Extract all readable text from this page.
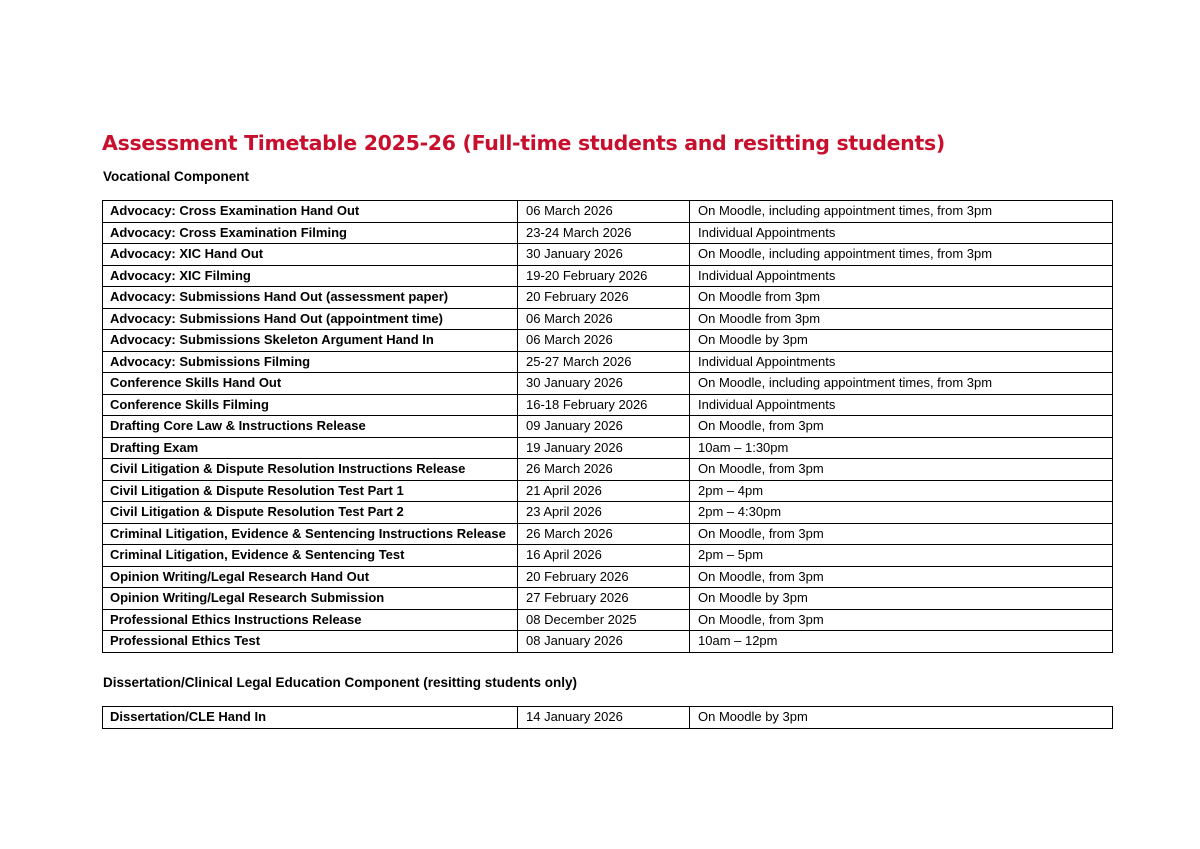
Assessment Timetable 2025-26 (Full-time students and resitting students)
Vocational Component
Advocacy: Cross Examination Hand Out	06 March 2026	On Moodle, including appointment times, from 3pm
Advocacy: Cross Examination Filming	23-24 March 2026	Individual Appointments
Advocacy: XIC Hand Out	30 January 2026	On Moodle, including appointment times, from 3pm
Advocacy: XIC Filming	19-20 February 2026	Individual Appointments
Advocacy: Submissions Hand Out (assessment paper)	20 February 2026	On Moodle from 3pm
Advocacy: Submissions Hand Out (appointment time)	06 March 2026	On Moodle from 3pm
Advocacy: Submissions Skeleton Argument Hand In	06 March 2026	On Moodle by 3pm
Advocacy: Submissions Filming	25-27 March 2026	Individual Appointments
Conference Skills Hand Out	30 January 2026	On Moodle, including appointment times, from 3pm
Conference Skills Filming	16-18 February 2026	Individual Appointments
Drafting Core Law & Instructions Release	09 January 2026	On Moodle, from 3pm
Drafting Exam	19 January 2026	10am – 1:30pm
Civil Litigation & Dispute Resolution Instructions Release	26 March 2026	On Moodle, from 3pm
Civil Litigation & Dispute Resolution Test Part 1	21 April 2026	2pm – 4pm
Civil Litigation & Dispute Resolution Test Part 2	23 April 2026	2pm – 4:30pm
Criminal Litigation, Evidence & Sentencing Instructions Release	26 March 2026	On Moodle, from 3pm
Criminal Litigation, Evidence & Sentencing Test	16 April 2026	2pm – 5pm
Opinion Writing/Legal Research Hand Out	20 February 2026	On Moodle, from 3pm
Opinion Writing/Legal Research Submission	27 February 2026	On Moodle by 3pm
Professional Ethics Instructions Release	08 December 2025	On Moodle, from 3pm
Professional Ethics Test	08 January 2026	10am – 12pm
Dissertation/Clinical Legal Education Component (resitting students only)
Dissertation/CLE Hand In	14 January 2026	On Moodle by 3pm
